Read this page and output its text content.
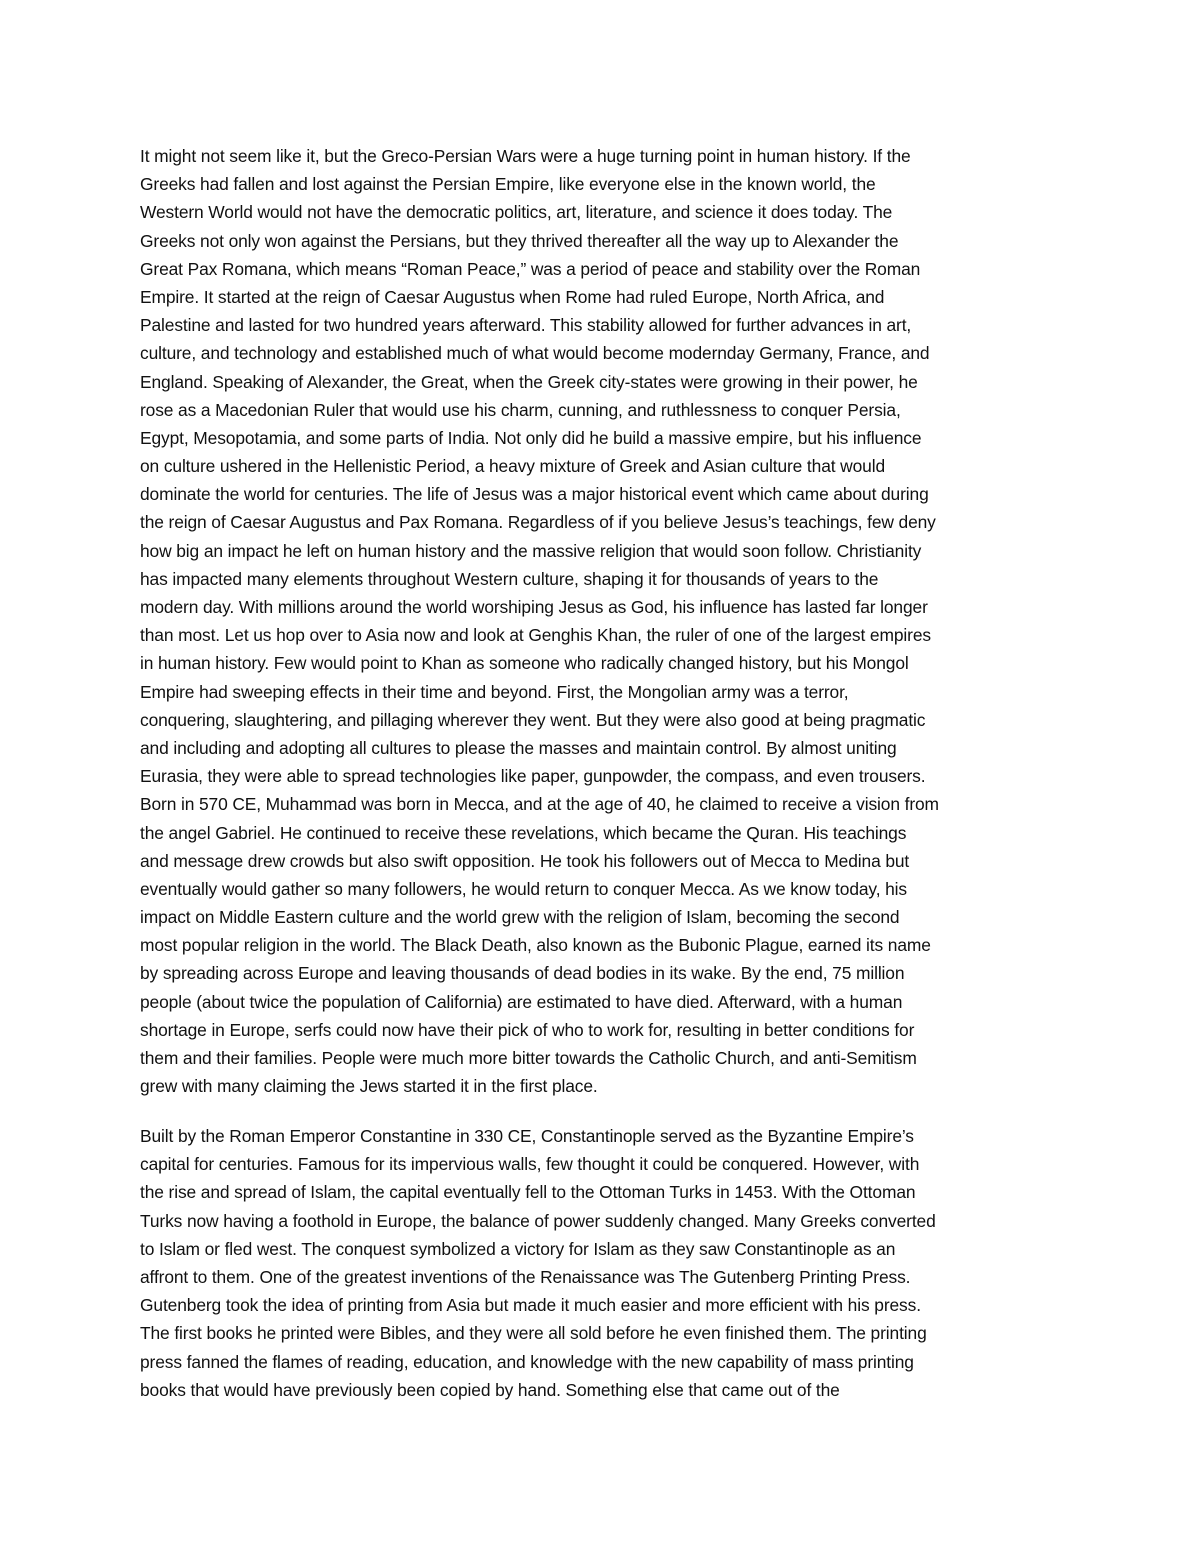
It might not seem like it, but the Greco-Persian Wars were a huge turning point in human history. If the
Greeks had fallen and lost against the Persian Empire, like everyone else in the known world, the
Western World would not have the democratic politics, art, literature, and science it does today. The
Greeks not only won against the Persians, but they thrived thereafter all the way up to Alexander the
Great Pax Romana, which means “Roman Peace,” was a period of peace and stability over the Roman
Empire. It started at the reign of Caesar Augustus when Rome had ruled Europe, North Africa, and
Palestine and lasted for two hundred years afterward. This stability allowed for further advances in art,
culture, and technology and established much of what would become modernday Germany, France, and
England. Speaking of Alexander, the Great, when the Greek city-states were growing in their power, he
rose as a Macedonian Ruler that would use his charm, cunning, and ruthlessness to conquer Persia,
Egypt, Mesopotamia, and some parts of India. Not only did he build a massive empire, but his influence
on culture ushered in the Hellenistic Period, a heavy mixture of Greek and Asian culture that would
dominate the world for centuries. The life of Jesus was a major historical event which came about during
the reign of Caesar Augustus and Pax Romana. Regardless of if you believe Jesus’s teachings, few deny
how big an impact he left on human history and the massive religion that would soon follow. Christianity
has impacted many elements throughout Western culture, shaping it for thousands of years to the
modern day. With millions around the world worshiping Jesus as God, his influence has lasted far longer
than most. Let us hop over to Asia now and look at Genghis Khan, the ruler of one of the largest empires
in human history. Few would point to Khan as someone who radically changed history, but his Mongol
Empire had sweeping effects in their time and beyond. First, the Mongolian army was a terror,
conquering, slaughtering, and pillaging wherever they went. But they were also good at being pragmatic
and including and adopting all cultures to please the masses and maintain control. By almost uniting
Eurasia, they were able to spread technologies like paper, gunpowder, the compass, and even trousers.
Born in 570 CE, Muhammad was born in Mecca, and at the age of 40, he claimed to receive a vision from
the angel Gabriel. He continued to receive these revelations, which became the Quran. His teachings
and message drew crowds but also swift opposition. He took his followers out of Mecca to Medina but
eventually would gather so many followers, he would return to conquer Mecca. As we know today, his
impact on Middle Eastern culture and the world grew with the religion of Islam, becoming the second
most popular religion in the world. The Black Death, also known as the Bubonic Plague, earned its name
by spreading across Europe and leaving thousands of dead bodies in its wake. By the end, 75 million
people (about twice the population of California) are estimated to have died. Afterward, with a human
shortage in Europe, serfs could now have their pick of who to work for, resulting in better conditions for
them and their families. People were much more bitter towards the Catholic Church, and anti-Semitism
grew with many claiming the Jews started it in the first place.
Built by the Roman Emperor Constantine in 330 CE, Constantinople served as the Byzantine Empire’s
capital for centuries. Famous for its impervious walls, few thought it could be conquered. However, with
the rise and spread of Islam, the capital eventually fell to the Ottoman Turks in 1453. With the Ottoman
Turks now having a foothold in Europe, the balance of power suddenly changed. Many Greeks converted
to Islam or fled west. The conquest symbolized a victory for Islam as they saw Constantinople as an
affront to them. One of the greatest inventions of the Renaissance was The Gutenberg Printing Press.
Gutenberg took the idea of printing from Asia but made it much easier and more efficient with his press.
The first books he printed were Bibles, and they were all sold before he even finished them. The printing
press fanned the flames of reading, education, and knowledge with the new capability of mass printing
books that would have previously been copied by hand. Something else that came out of the
